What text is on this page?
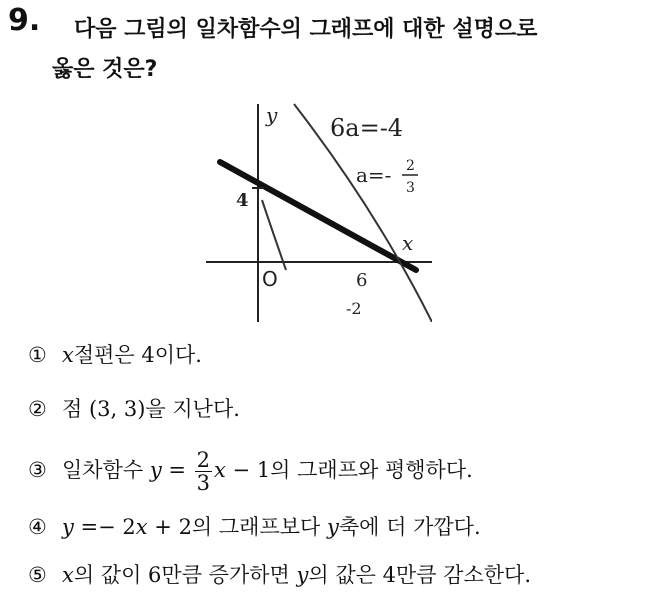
9. 다음 그림의 일차함수의 그래프에 대한 설명으로
옳은 것은?
y
x
O
4
6
6a=-4
a=- 2
3
-2
① x절편은 4이다.
② 점 (3, 3)을 지난다.
③ 일차함수 $y = \frac{2}{3}$ x − 1의 그래프와 평행하다.
④ y =− 2x + 2의 그래프보다 y축에 더 가깝다.
⑤ x의 값이 6만큼 증가하면 y의 값은 4만큼 감소한다.
